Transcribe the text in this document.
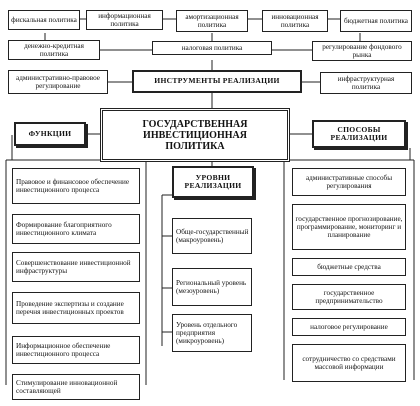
фискальная политика
информационная политика
амортизационная политика
инновационная политика
бюджетная политика
денежно-кредитная политика
налоговая политика	регулирование фондового рынка
административно-правовое регулирование
ИНСТРУМЕНТЫ РЕАЛИЗАЦИИ	инфраструктурная политика
ГОСУДАРСТВЕННАЯ ИНВЕСТИЦИОННАЯ ПОЛИТИКА
ФУНКЦИИ	СПОСОБЫ РЕАЛИЗАЦИИ
УРОВНИ РЕАЛИЗАЦИИ
Правовое и финансовое обеспечение инвестиционного процесса
Формирование благоприятного инвестиционного климата
Совершенствование инвестиционной инфраструктуры
Проведение экспертизы и создание перечня инвестиционных проектов
Информационное обеспечение инвестиционного процесса
Стимулирование инновационной составляющей
Обще-государственный (макроуровень)
Региональный уровень (мезоуровень)
Уровень отдельного предприятия (микроуровень)
административные способы регулирования
государственное прогнозирование, программирование, мониторинг и планирование
бюджетные средства
государственное предпринимательство
налоговое регулирование
сотрудничество со средствами массовой информации
